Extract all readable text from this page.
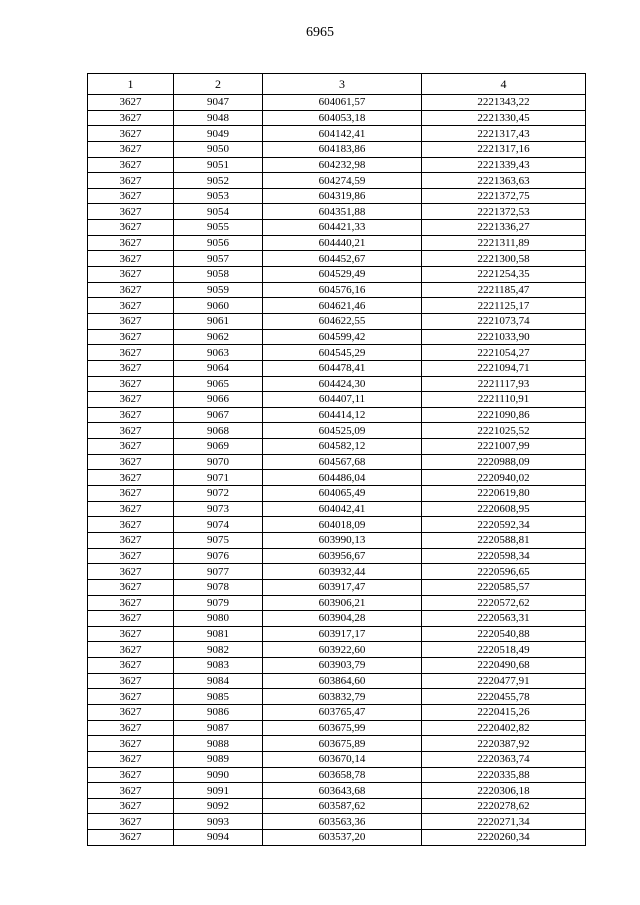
6965
1	2	3	4
3627	9047	604061,57	2221343,22
3627	9048	604053,18	2221330,45
3627	9049	604142,41	2221317,43
3627	9050	604183,86	2221317,16
3627	9051	604232,98	2221339,43
3627	9052	604274,59	2221363,63
3627	9053	604319,86	2221372,75
3627	9054	604351,88	2221372,53
3627	9055	604421,33	2221336,27
3627	9056	604440,21	2221311,89
3627	9057	604452,67	2221300,58
3627	9058	604529,49	2221254,35
3627	9059	604576,16	2221185,47
3627	9060	604621,46	2221125,17
3627	9061	604622,55	2221073,74
3627	9062	604599,42	2221033,90
3627	9063	604545,29	2221054,27
3627	9064	604478,41	2221094,71
3627	9065	604424,30	2221117,93
3627	9066	604407,11	2221110,91
3627	9067	604414,12	2221090,86
3627	9068	604525,09	2221025,52
3627	9069	604582,12	2221007,99
3627	9070	604567,68	2220988,09
3627	9071	604486,04	2220940,02
3627	9072	604065,49	2220619,80
3627	9073	604042,41	2220608,95
3627	9074	604018,09	2220592,34
3627	9075	603990,13	2220588,81
3627	9076	603956,67	2220598,34
3627	9077	603932,44	2220596,65
3627	9078	603917,47	2220585,57
3627	9079	603906,21	2220572,62
3627	9080	603904,28	2220563,31
3627	9081	603917,17	2220540,88
3627	9082	603922,60	2220518,49
3627	9083	603903,79	2220490,68
3627	9084	603864,60	2220477,91
3627	9085	603832,79	2220455,78
3627	9086	603765,47	2220415,26
3627	9087	603675,99	2220402,82
3627	9088	603675,89	2220387,92
3627	9089	603670,14	2220363,74
3627	9090	603658,78	2220335,88
3627	9091	603643,68	2220306,18
3627	9092	603587,62	2220278,62
3627	9093	603563,36	2220271,34
3627	9094	603537,20	2220260,34
